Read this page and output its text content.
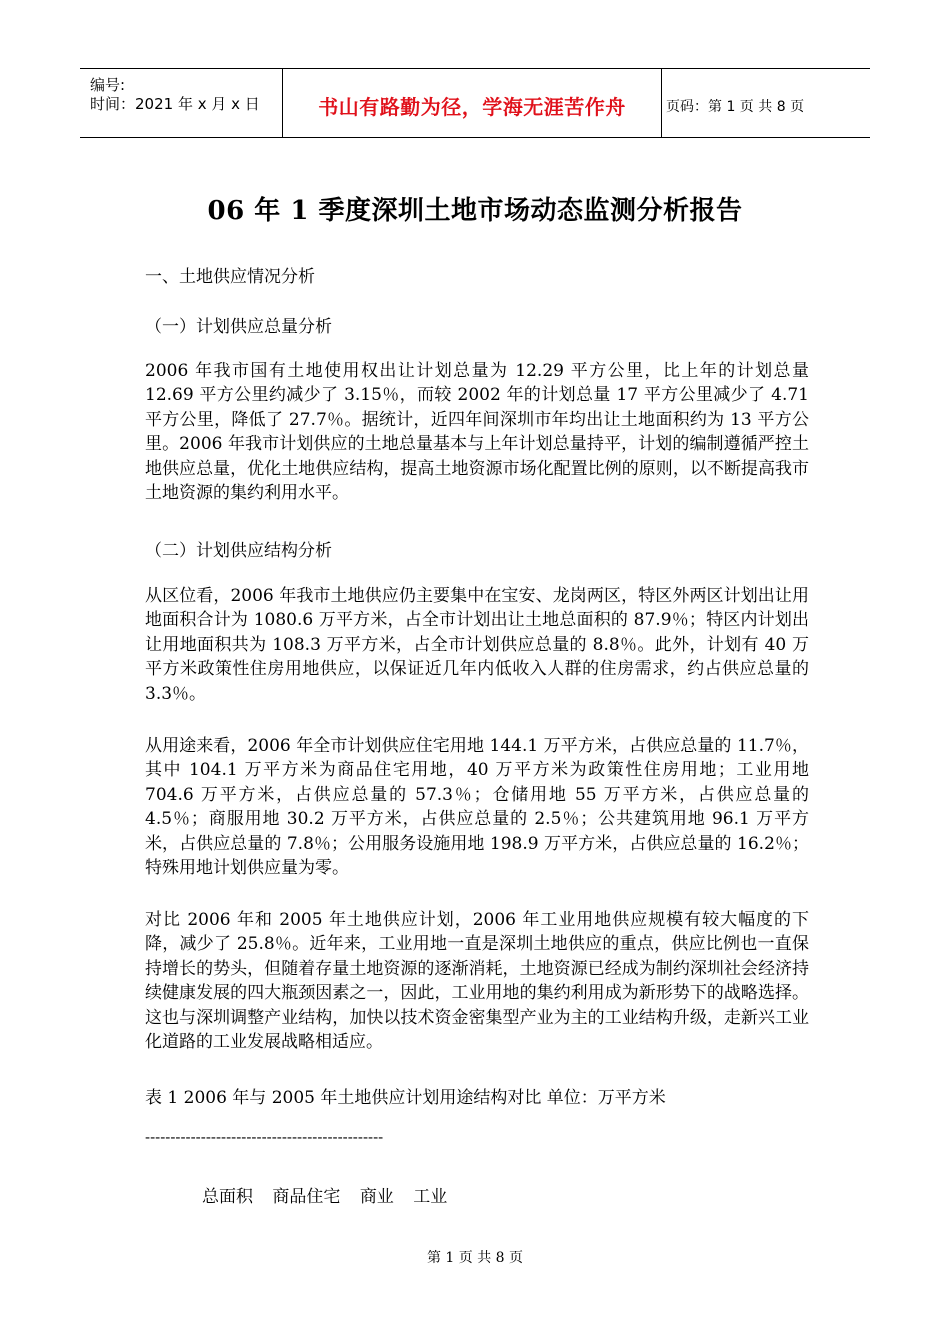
编号:
时间：2021 年 x 月 x 日	书山有路勤为径，学海无涯苦作舟	页码：第 1 页 共 8 页
06 年 1 季度深圳土地市场动态监测分析报告

一、土地供应情况分析

（一）计划供应总量分析

2006 年我市国有土地使用权出让计划总量为 12.29 平方公里，比上年的计划总量 12.69 平方公里约减少了 3.15％，而较 2002 年的计划总量 17 平方公里减少了 4.71 平方公里，降低了 27.7％。据统计，近四年间深圳市年均出让土地面积约为 13 平方公里。2006 年我市计划供应的土地总量基本与上年计划总量持平，计划的编制遵循严控土地供应总量，优化土地供应结构，提高土地资源市场化配置比例的原则，以不断提高我市土地资源的集约利用水平。

（二）计划供应结构分析

从区位看，2006 年我市土地供应仍主要集中在宝安、龙岗两区，特区外两区计划出让用地面积合计为 1080.6 万平方米，占全市计划出让土地总面积的 87.9％；特区内计划出让用地面积共为 108.3 万平方米，占全市计划供应总量的 8.8％。此外，计划有 40 万平方米政策性住房用地供应，以保证近几年内低收入人群的住房需求，约占供应总量的 3.3％。

从用途来看，2006 年全市计划供应住宅用地 144.1 万平方米，占供应总量的 11.7％，其中 104.1 万平方米为商品住宅用地，40 万平方米为政策性住房用地；工业用地 704.6 万平方米，占供应总量的 57.3％；仓储用地 55 万平方米，占供应总量的 4.5％；商服用地 30.2 万平方米，占供应总量的 2.5％；公共建筑用地 96.1 万平方米，占供应总量的 7.8％；公用服务设施用地 198.9 万平方米，占供应总量的 16.2％；特殊用地计划供应量为零。

对比 2006 年和 2005 年土地供应计划，2006 年工业用地供应规模有较大幅度的下降，减少了 25.8％。近年来，工业用地一直是深圳土地供应的重点，供应比例也一直保持增长的势头，但随着存量土地资源的逐渐消耗，土地资源已经成为制约深圳社会经济持续健康发展的四大瓶颈因素之一，因此，工业用地的集约利用成为新形势下的战略选择。这也与深圳调整产业结构，加快以技术资金密集型产业为主的工业结构升级，走新兴工业化道路的工业发展战略相适应。

表 1 2006 年与 2005 年土地供应计划用途结构对比 单位：万平方米

-----------------------------------------------
总面积 商品住宅 商业 工业
第 1 页 共 8 页
